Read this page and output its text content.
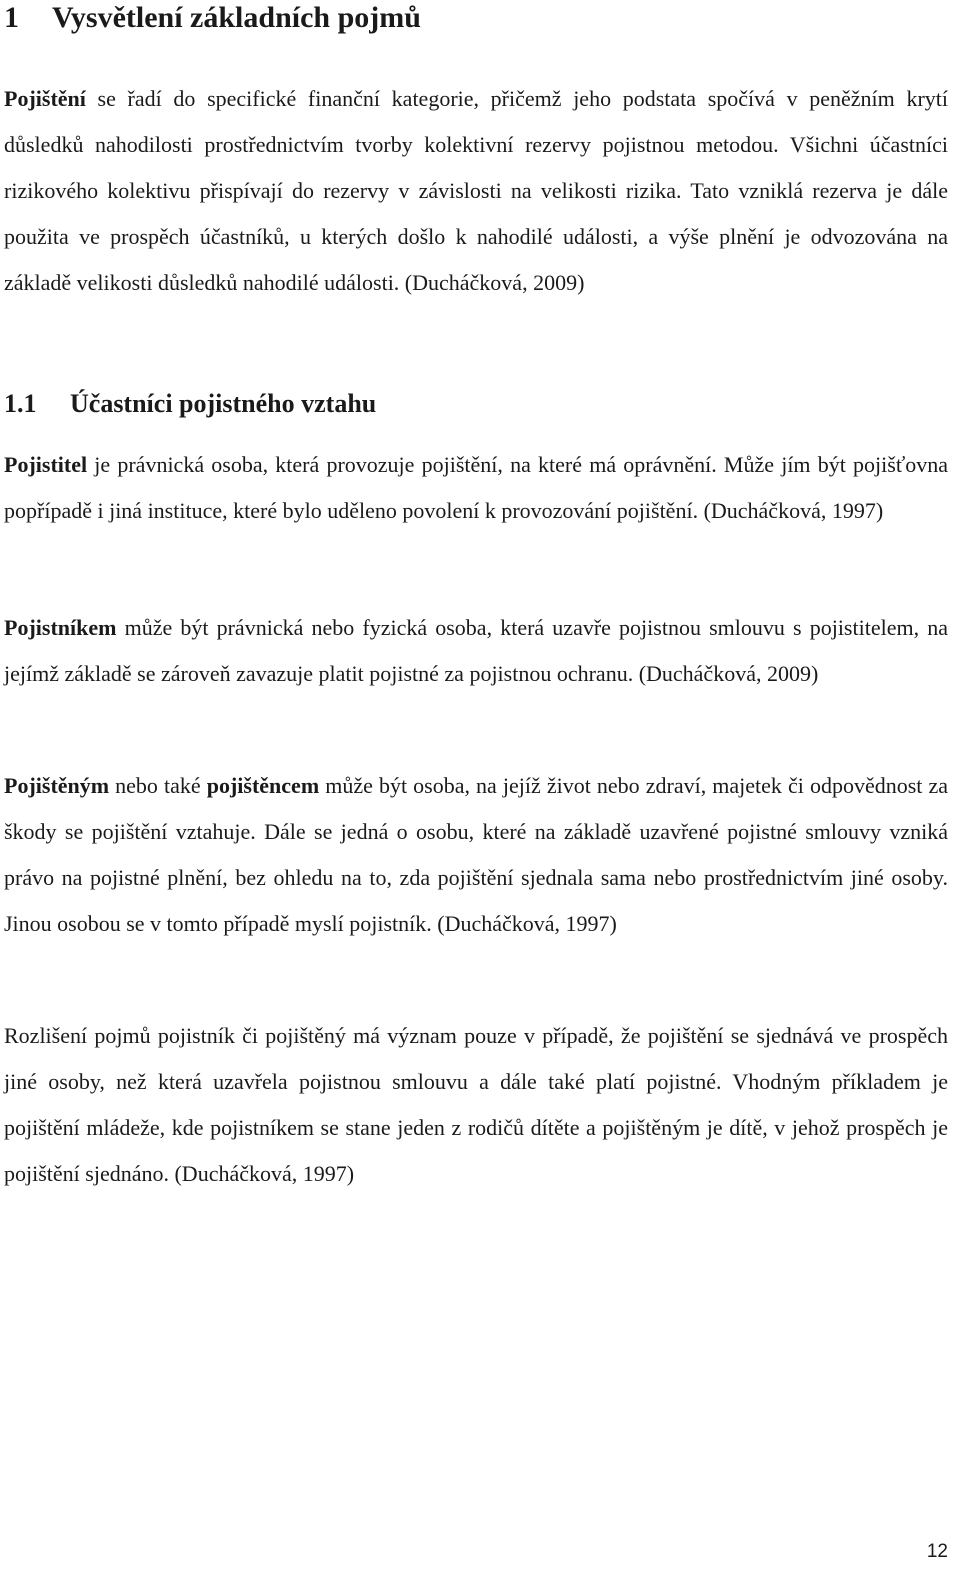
1 Vysvětlení základních pojmů

Pojištění se řadí do specifické finanční kategorie, přičemž jeho podstata spočívá v peněžním krytí důsledků nahodilosti prostřednictvím tvorby kolektivní rezervy pojistnou metodou. Všichni účastníci rizikového kolektivu přispívají do rezervy v závislosti na velikosti rizika. Tato vzniklá rezerva je dále použita ve prospěch účastníků, u kterých došlo k nahodilé události, a výše plnění je odvozována na základě velikosti důsledků nahodilé události. (Ducháčková, 2009)

1.1 Účastníci pojistného vztahu

Pojistitel je právnická osoba, která provozuje pojištění, na které má oprávnění. Může jím být pojišťovna popřípadě i jiná instituce, které bylo uděleno povolení k provozování pojištění. (Ducháčková, 1997)

Pojistníkem může být právnická nebo fyzická osoba, která uzavře pojistnou smlouvu s pojistitelem, na jejímž základě se zároveň zavazuje platit pojistné za pojistnou ochranu. (Ducháčková, 2009)

Pojištěným nebo také pojištěncem může být osoba, na jejíž život nebo zdraví, majetek či odpovědnost za škody se pojištění vztahuje. Dále se jedná o osobu, které na základě uzavřené pojistné smlouvy vzniká právo na pojistné plnění, bez ohledu na to, zda pojištění sjednala sama nebo prostřednictvím jiné osoby. Jinou osobou se v tomto případě myslí pojistník. (Ducháčková, 1997)

Rozlišení pojmů pojistník či pojištěný má význam pouze v případě, že pojištění se sjednává ve prospěch jiné osoby, než která uzavřela pojistnou smlouvu a dále také platí pojistné. Vhodným příkladem je pojištění mládeže, kde pojistníkem se stane jeden z rodičů dítěte a pojištěným je dítě, v jehož prospěch je pojištění sjednáno. (Ducháčková, 1997)

12
